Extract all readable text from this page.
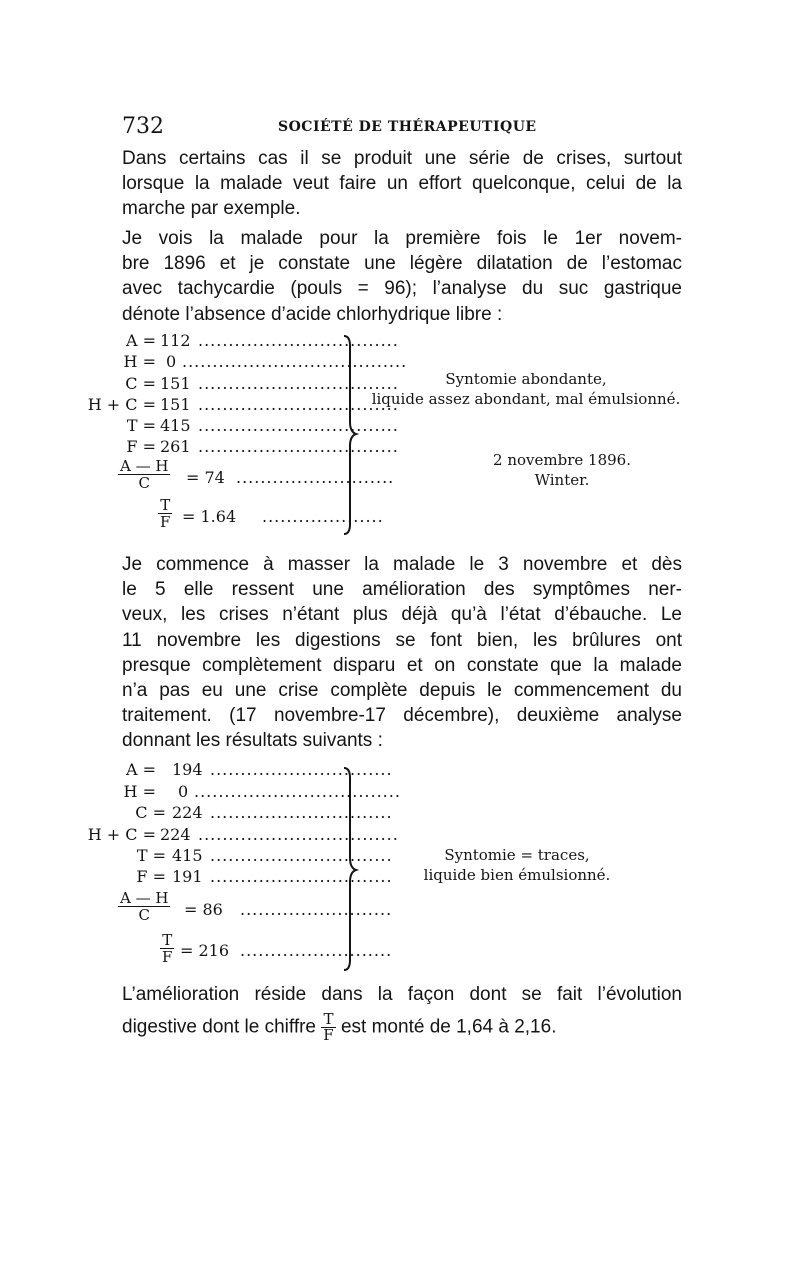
732	SOCIÉTÉ DE THÉRAPEUTIQUE
Dans certains cas il se produit une série de crises, surtout
lorsque la malade veut faire un effort quelconque, celui de la
marche par exemple.
Je vois la malade pour la première fois le 1er novem-
bre 1896 et je constate une légère dilatation de l’estomac
avec tachycardie (pouls = 96); l’analyse du suc gastrique
dénote l’absence d’acide chlorhydrique libre :
A = 112 .................................
H = 0 .....................................
C = 151 .................................
H + C = 151 .................................
T = 415 .................................
F = 261 .................................
$\frac{A — H}{C} = 74$ ..........................
$\frac{T}{F} = 1.64$ ....................
Syntomie abondante,
liquide assez abondant, mal émulsionné.
2 novembre 1896.
Winter.
Je commence à masser la malade le 3 novembre et dès
le 5 elle ressent une amélioration des symptômes ner-
veux, les crises n’étant plus déjà qu’à l’état d’ébauche. Le
11 novembre les digestions se font bien, les brûlures ont
presque complètement disparu et on constate que la malade
n’a pas eu une crise complète depuis le commencement du
traitement. (17 novembre-17 décembre), deuxième analyse
donnant les résultats suivants :
A = 194 ..............................
H = 0 ..................................
C = 224 ..............................
H + C = 224 .................................
T = 415 ..............................
F = 191 ..............................
$\frac{A — H}{C} = 86$ .........................
$\frac{T}{F} = 216$ .........................
Syntomie = traces,
liquide bien émulsionné.
L’amélioration réside dans la façon dont se fait l’évolution
digestive dont le chiffre $\frac{T}{F}$ est monté de 1,64 à 2,16.
